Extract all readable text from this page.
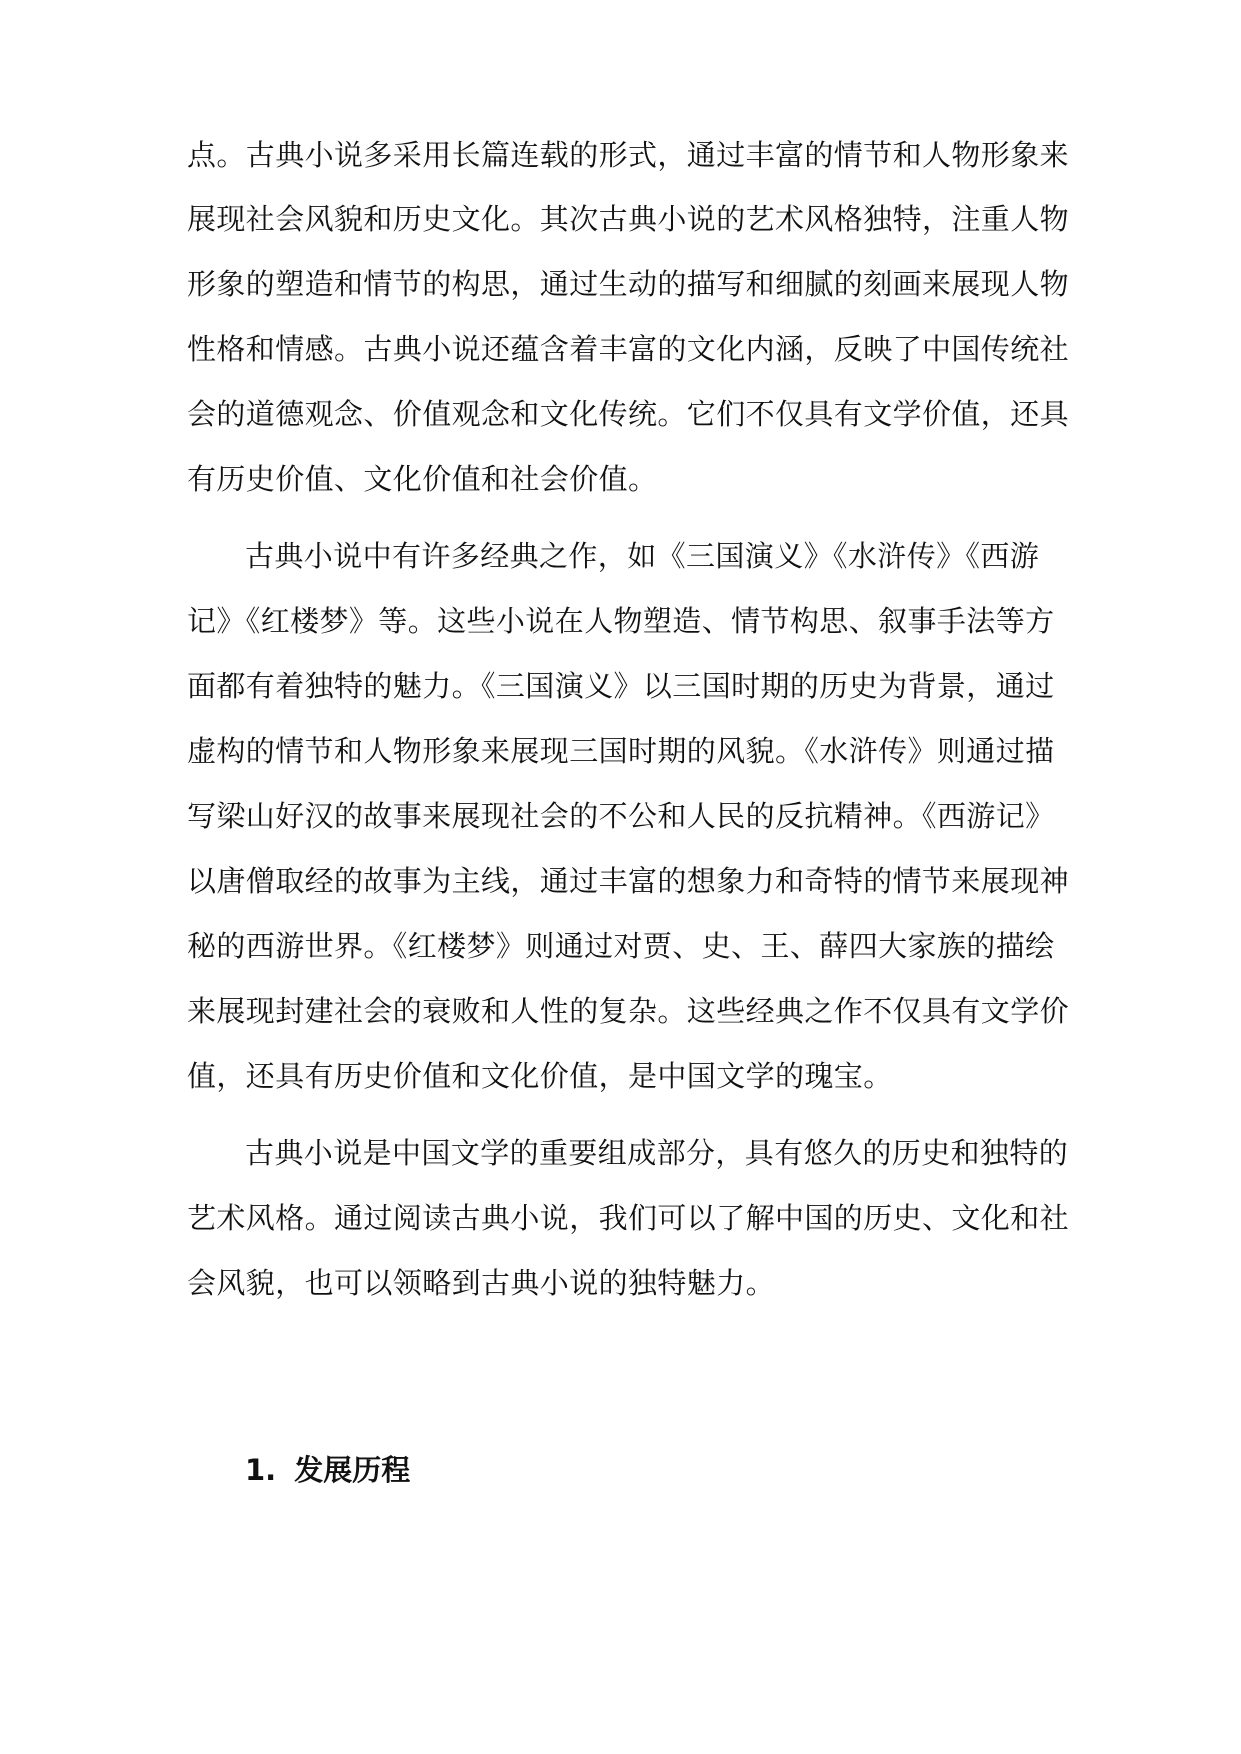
点。古典小说多采用长篇连载的形式，通过丰富的情节和人物形象来
展现社会风貌和历史文化。其次古典小说的艺术风格独特，注重人物
形象的塑造和情节的构思，通过生动的描写和细腻的刻画来展现人物
性格和情感。古典小说还蕴含着丰富的文化内涵，反映了中国传统社
会的道德观念、价值观念和文化传统。它们不仅具有文学价值，还具
有历史价值、文化价值和社会价值。
古典小说中有许多经典之作，如《三国演义》《水浒传》《西游
记》《红楼梦》等。这些小说在人物塑造、情节构思、叙事手法等方
面都有着独特的魅力。《三国演义》以三国时期的历史为背景，通过
虚构的情节和人物形象来展现三国时期的风貌。《水浒传》则通过描
写梁山好汉的故事来展现社会的不公和人民的反抗精神。《西游记》
以唐僧取经的故事为主线，通过丰富的想象力和奇特的情节来展现神
秘的西游世界。《红楼梦》则通过对贾、史、王、薛四大家族的描绘
来展现封建社会的衰败和人性的复杂。这些经典之作不仅具有文学价
值，还具有历史价值和文化价值，是中国文学的瑰宝。
古典小说是中国文学的重要组成部分，具有悠久的历史和独特的
艺术风格。通过阅读古典小说，我们可以了解中国的历史、文化和社
会风貌，也可以领略到古典小说的独特魅力。
1. 发展历程
